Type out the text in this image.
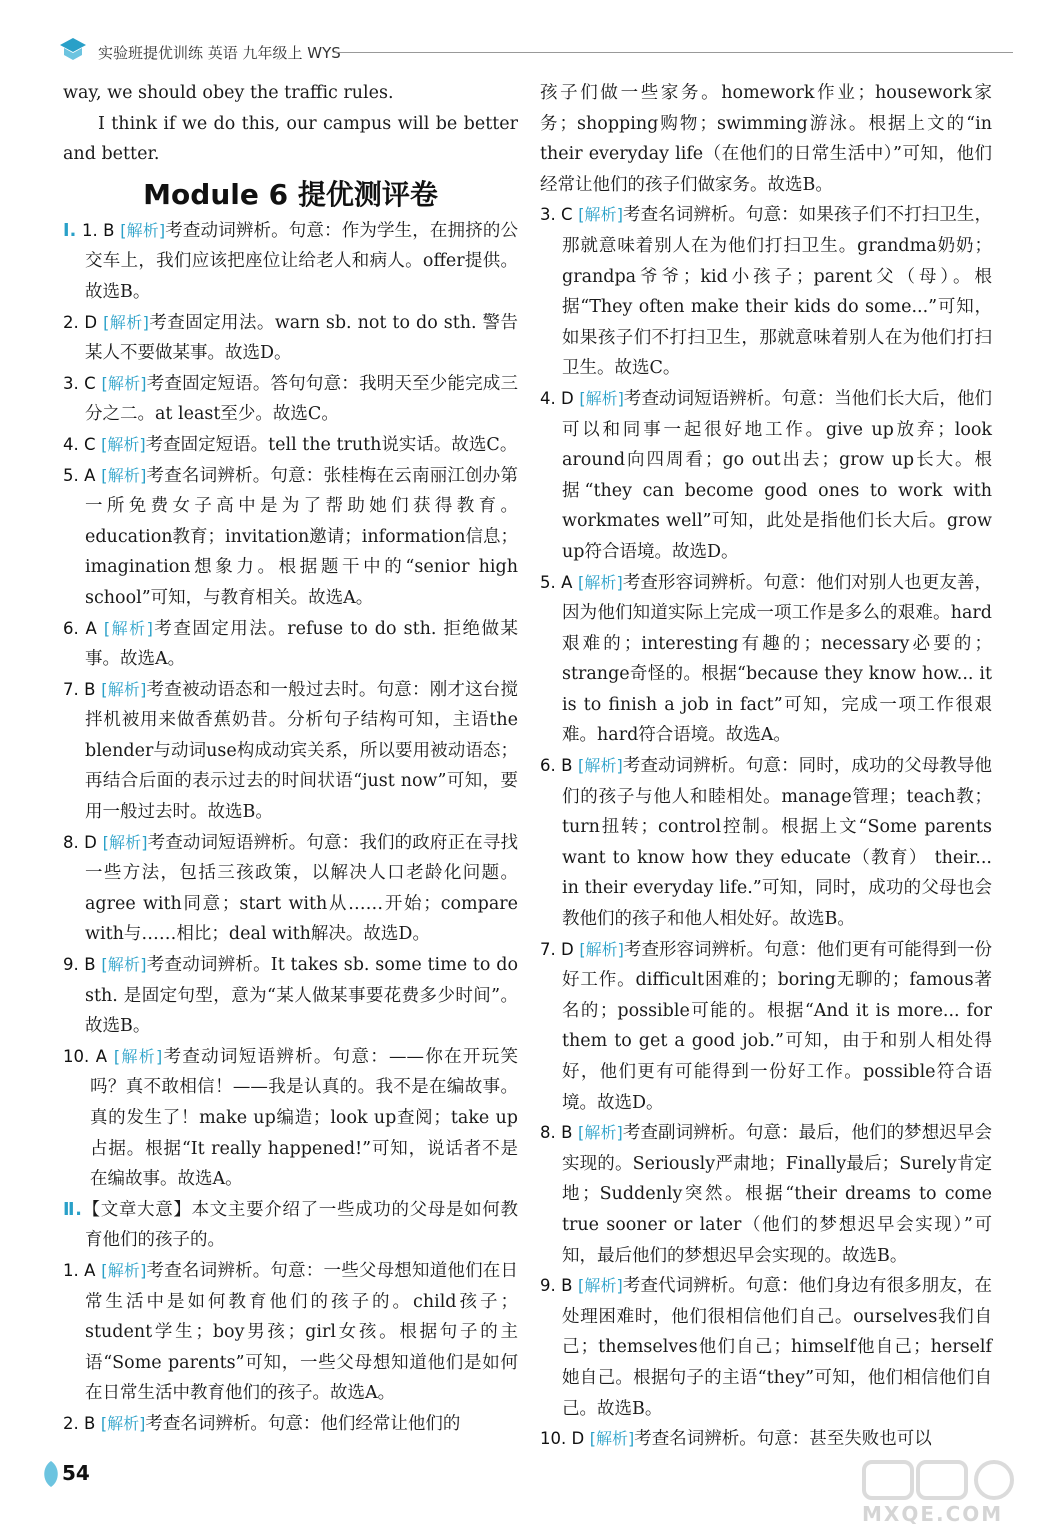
实验班提优训练 英语 九年级上 WYS

way, we should obey the traffic rules.

I think if we do this, our campus will be better and better.

Module 6 提优测评卷

Ⅰ. 1. B [解析]考查动词辨析。句意：作为学生，在拥挤的公交车上，我们应该把座位让给老人和病人。offer提供。故选B。

2. D [解析]考查固定用法。warn sb. not to do sth. 警告某人不要做某事。故选D。

3. C [解析]考查固定短语。答句句意：我明天至少能完成三分之二。at least至少。故选C。

4. C [解析]考查固定短语。tell the truth说实话。故选C。

5. A [解析]考查名词辨析。句意：张桂梅在云南丽江创办第一所免费女子高中是为了帮助她们获得教育。education教育；invitation邀请；information信息；imagination想象力。根据题干中的“senior high school”可知，与教育相关。故选A。

6. A [解析]考查固定用法。refuse to do sth. 拒绝做某事。故选A。

7. B [解析]考查被动语态和一般过去时。句意：刚才这台搅拌机被用来做香蕉奶昔。分析句子结构可知，主语the blender与动词use构成动宾关系，所以要用被动语态；再结合后面的表示过去的时间状语“just now”可知，要用一般过去时。故选B。

8. D [解析]考查动词短语辨析。句意：我们的政府正在寻找一些方法，包括三孩政策，以解决人口老龄化问题。agree with同意；start with从……开始；compare with与……相比；deal with解决。故选D。

9. B [解析]考查动词辨析。It takes sb. some time to do sth. 是固定句型，意为“某人做某事要花费多少时间”。故选B。

10. A [解析]考查动词短语辨析。句意：——你在开玩笑吗？真不敢相信！——我是认真的。我不是在编故事。真的发生了！make up编造；look up查阅；take up占据。根据“It really happened!”可知，说话者不是在编故事。故选A。

Ⅱ.【文章大意】本文主要介绍了一些成功的父母是如何教育他们的孩子的。

1. A [解析]考查名词辨析。句意：一些父母想知道他们在日常生活中是如何教育他们的孩子的。child孩子；student学生；boy男孩；girl女孩。根据句子的主语“Some parents”可知，一些父母想知道他们是如何在日常生活中教育他们的孩子。故选A。

2. B [解析]考查名词辨析。句意：他们经常让他们的

孩子们做一些家务。homework作业；housework家务；shopping购物；swimming游泳。根据上文的“in their everyday life（在他们的日常生活中）”可知，他们经常让他们的孩子们做家务。故选B。

3. C [解析]考查名词辨析。句意：如果孩子们不打扫卫生，那就意味着别人在为他们打扫卫生。grandma奶奶；grandpa爷爷；kid小孩子；parent父（母）。根据“They often make their kids do some...”可知，如果孩子们不打扫卫生，那就意味着别人在为他们打扫卫生。故选C。

4. D [解析]考查动词短语辨析。句意：当他们长大后，他们可以和同事一起很好地工作。give up放弃；look around向四周看；go out出去；grow up长大。根据“they can become good ones to work with workmates well”可知，此处是指他们长大后。grow up符合语境。故选D。

5. A [解析]考查形容词辨析。句意：他们对别人也更友善，因为他们知道实际上完成一项工作是多么的艰难。hard艰难的；interesting有趣的；necessary必要的；strange奇怪的。根据“because they know how... it is to finish a job in fact”可知，完成一项工作很艰难。hard符合语境。故选A。

6. B [解析]考查动词辨析。句意：同时，成功的父母教导他们的孩子与他人和睦相处。manage管理；teach教；turn扭转；control控制。根据上文“Some parents want to know how they educate（教育） their... in their everyday life.”可知，同时，成功的父母也会教他们的孩子和他人相处好。故选B。

7. D [解析]考查形容词辨析。句意：他们更有可能得到一份好工作。difficult困难的；boring无聊的；famous著名的；possible可能的。根据“And it is more... for them to get a good job.”可知，由于和别人相处得好，他们更有可能得到一份好工作。possible符合语境。故选D。

8. B [解析]考查副词辨析。句意：最后，他们的梦想迟早会实现的。Seriously严肃地；Finally最后；Surely肯定地；Suddenly突然。根据“their dreams to come true sooner or later（他们的梦想迟早会实现）”可知，最后他们的梦想迟早会实现的。故选B。

9. B [解析]考查代词辨析。句意：他们身边有很多朋友，在处理困难时，他们很相信他们自己。ourselves我们自己；themselves他们自己；himself他自己；herself她自己。根据句子的主语“they”可知，他们相信他们自己。故选B。

10. D [解析]考查名词辨析。句意：甚至失败也可以

54
MXQE.COM
